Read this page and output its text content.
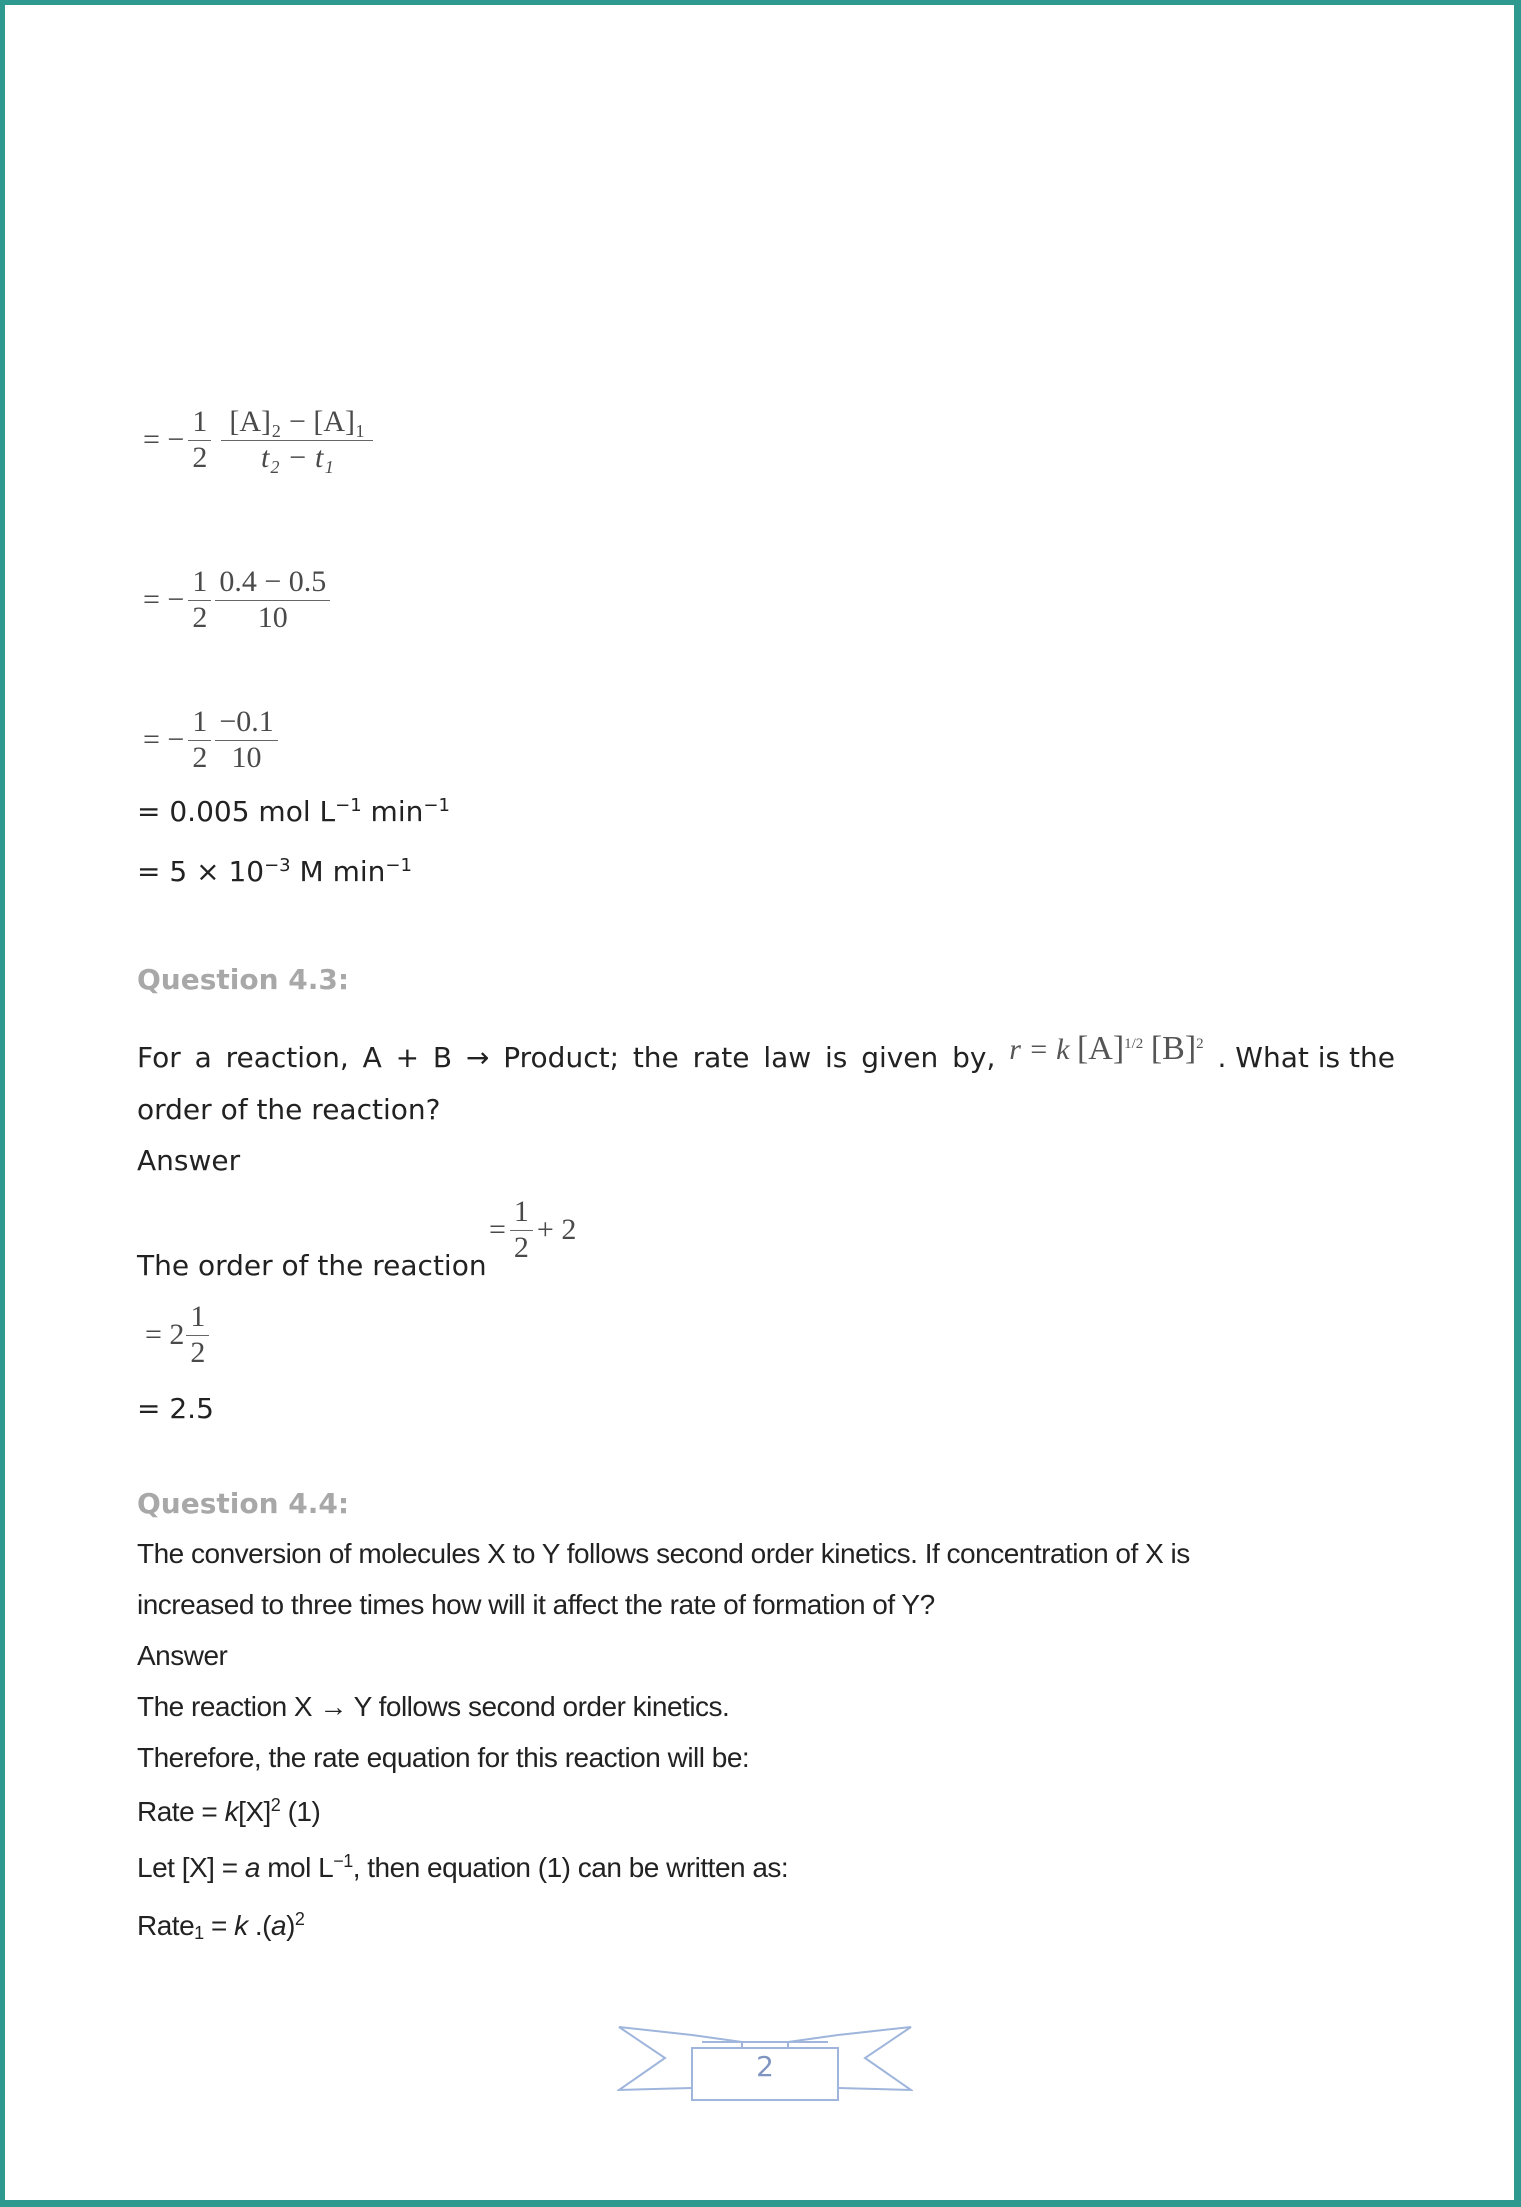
= − $\frac{1}{2} \frac{\text{[A]₂ − [A]₁}}{\text{t₂ − t₁}}$
= − $\frac{1}{2} \frac{0.4 - 0.5}{10}$
= − $\frac{1}{2} \frac{-0.1}{10}$
= 0.005 mol $L^{-1}$ $\min^{-1}$
= $5 \times 10^{-3}$ M $\min^{-1}$
Question 4.3:
For a reaction, A + B → Product; the rate law is given by, r = k $[A]^{1/2}$ $[B]^2$ . What is the
order of the reaction?
Answer
The order of the reaction
= $\frac{1}{2} + 2$
= $2 \frac{1}{2}$
= 2.5
Question 4.4:
The conversion of molecules X to Y follows second order kinetics. If concentration of X is
increased to three times how will it affect the rate of formation of Y?
Answer
The reaction X → Y follows second order kinetics.
Therefore, the rate equation for this reaction will be:
Rate = $k[X]^2$ (1)
Let [X] = a mol $L^{-1}$, then equation (1) can be written as:
Rate$_1$ = k $.(a)^2$
2
